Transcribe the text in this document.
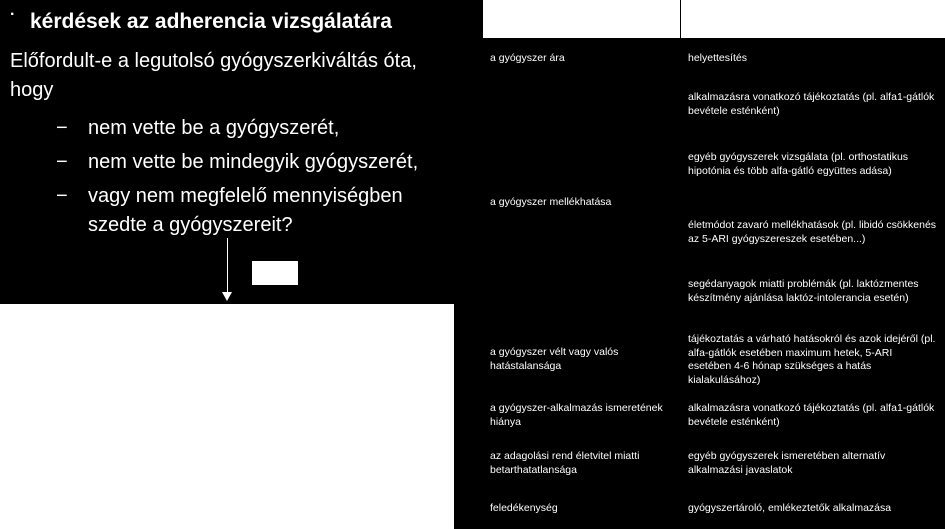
· kérdések az adherencia vizsgálatára
Előfordult-e a legutolsó gyógyszerkiváltás óta, hogy
− nem vette be a gyógyszerét,
− nem vette be mindegyik gyógyszerét,
− vagy nem megfelelő mennyiségben szedte a gyógyszereit?
a gyógyszer ára	helyettesítés
alkalmazásra vonatkozó tájékoztatás (pl. alfa1-gátlók bevétele esténként)
egyéb gyógyszerek vizsgálata (pl. orthostatikus hipotónia és több alfa-gátló együttes adása)
a gyógyszer mellékhatása
életmódot zavaró mellékhatások (pl. libidó csökkenés az 5-ARI gyógyszereszek esetében...)
segédanyagok miatti problémák (pl. laktózmentes készítmény ajánlása laktóz-intolerancia esetén)
a gyógyszer vélt vagy valós hatástalansága
tájékoztatás a várható hatásokról és azok idejéről (pl. alfa-gátlók esetében maximum hetek, 5-ARI esetében 4-6 hónap szükséges a hatás kialakulásához)
a gyógyszer-alkalmazás ismeretének hiánya
alkalmazásra vonatkozó tájékoztatás (pl. alfa1-gátlók bevétele esténként)
az adagolási rend életvitel miatti betarthatatlansága
egyéb gyógyszerek ismeretében alternatív alkalmazási javaslatok
feledékenység	gyógyszertároló, emlékeztetők alkalmazása
